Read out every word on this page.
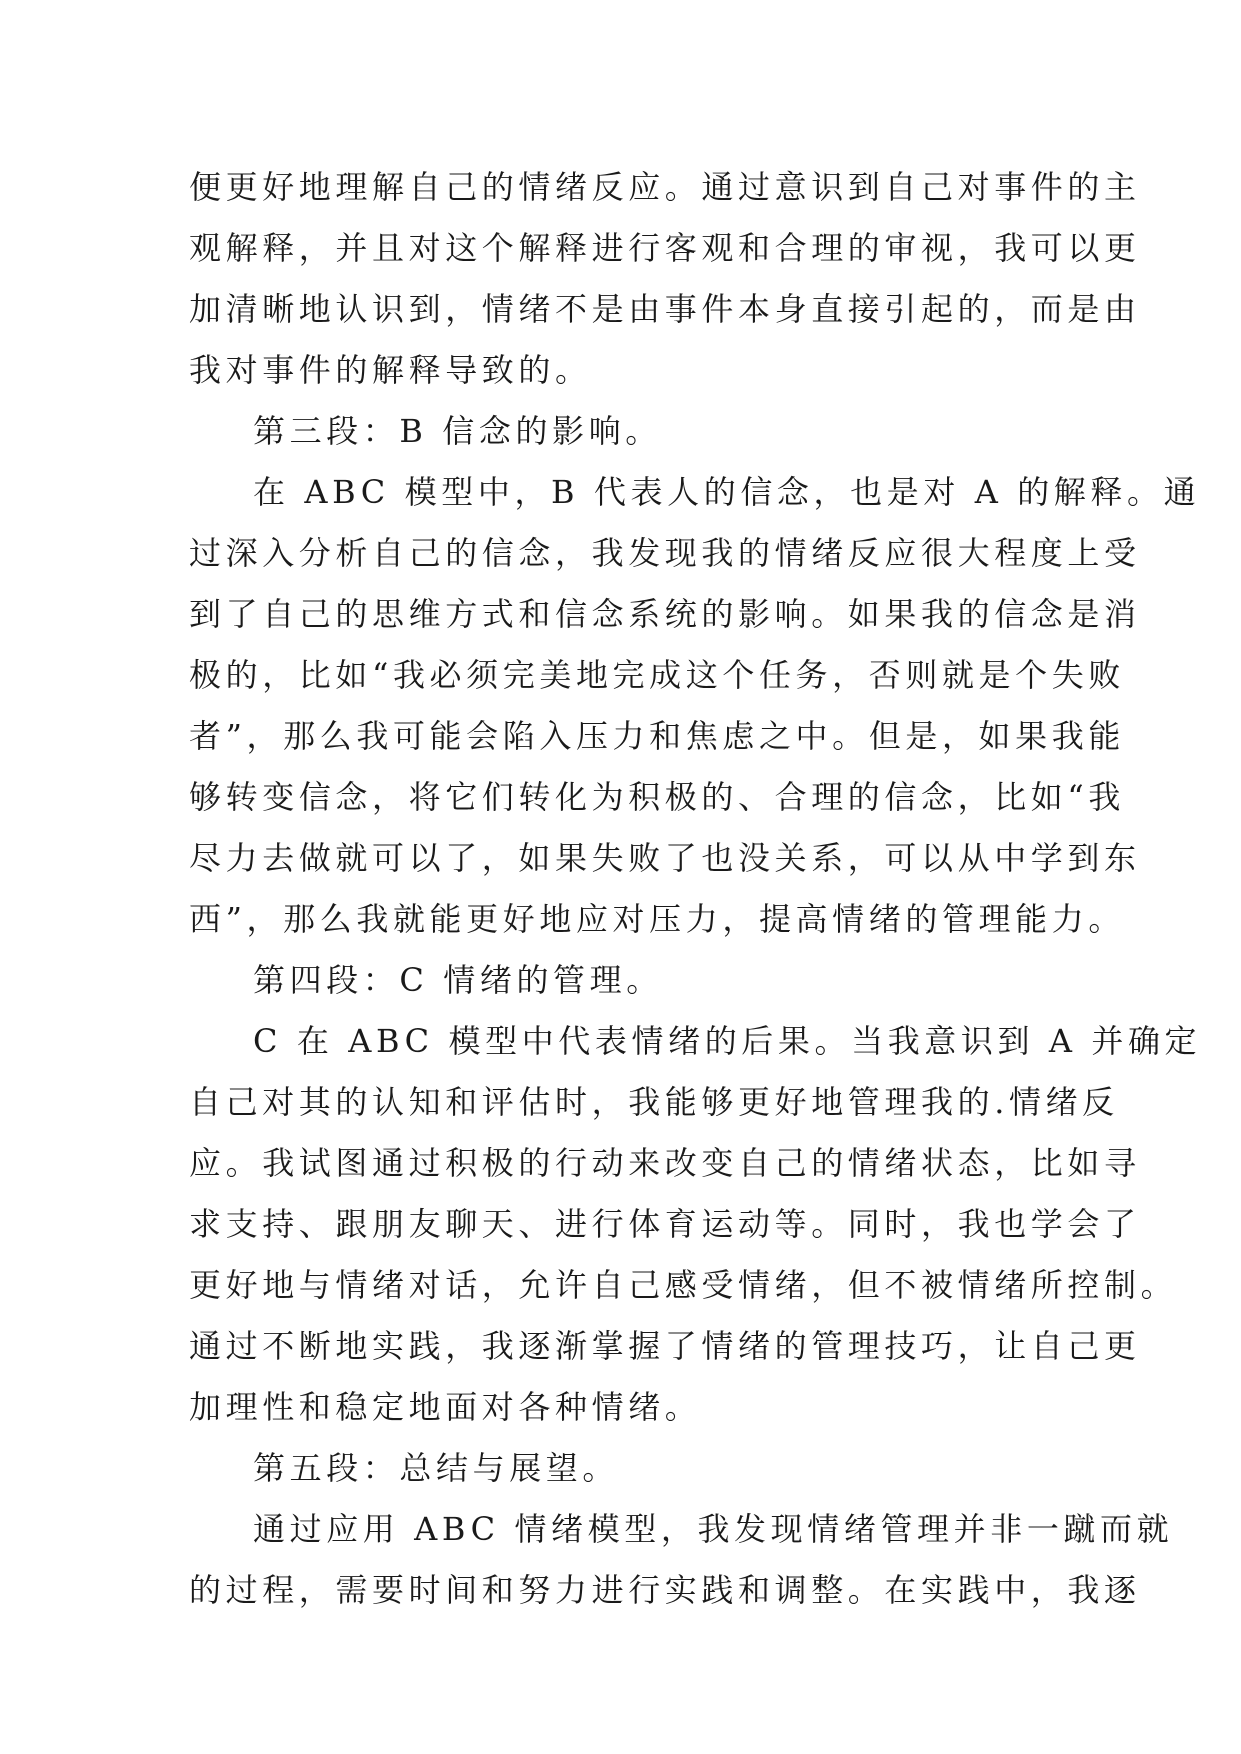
便更好地理解自己的情绪反应。通过意识到自己对事件的主
观解释，并且对这个解释进行客观和合理的审视，我可以更
加清晰地认识到，情绪不是由事件本身直接引起的，而是由
我对事件的解释导致的。
第三段：B 信念的影响。
在 ABC 模型中，B 代表人的信念，也是对 A 的解释。通
过深入分析自己的信念，我发现我的情绪反应很大程度上受
到了自己的思维方式和信念系统的影响。如果我的信念是消
极的，比如“我必须完美地完成这个任务，否则就是个失败
者”，那么我可能会陷入压力和焦虑之中。但是，如果我能
够转变信念，将它们转化为积极的、合理的信念，比如“我
尽力去做就可以了，如果失败了也没关系，可以从中学到东
西”，那么我就能更好地应对压力，提高情绪的管理能力。
第四段：C 情绪的管理。
C 在 ABC 模型中代表情绪的后果。当我意识到 A 并确定
自己对其的认知和评估时，我能够更好地管理我的.情绪反
应。我试图通过积极的行动来改变自己的情绪状态，比如寻
求支持、跟朋友聊天、进行体育运动等。同时，我也学会了
更好地与情绪对话，允许自己感受情绪，但不被情绪所控制。
通过不断地实践，我逐渐掌握了情绪的管理技巧，让自己更
加理性和稳定地面对各种情绪。
第五段：总结与展望。
通过应用 ABC 情绪模型，我发现情绪管理并非一蹴而就
的过程，需要时间和努力进行实践和调整。在实践中，我逐
